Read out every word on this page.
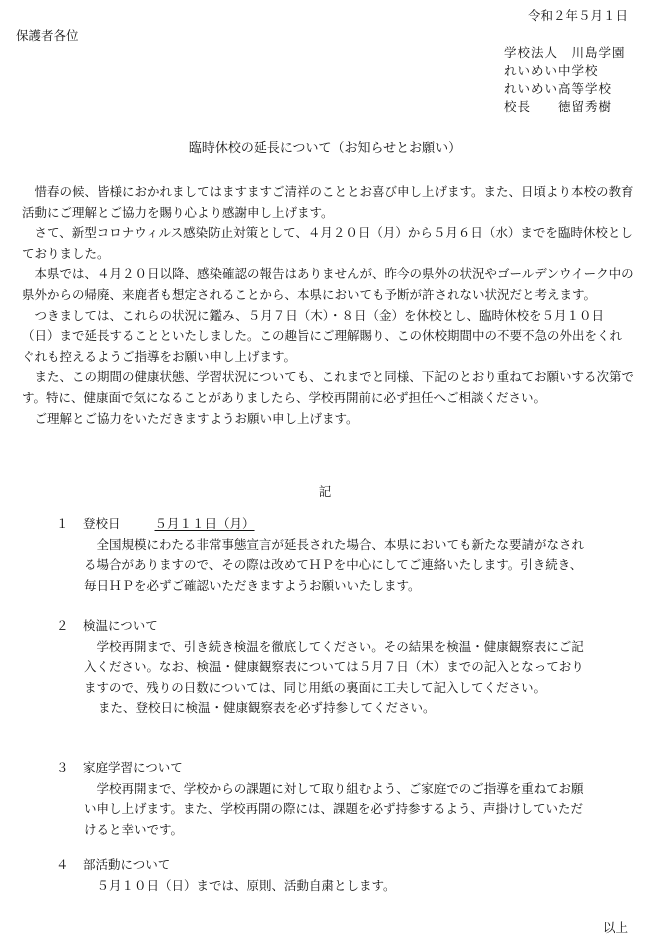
令和２年５月１日
保護者各位
学校法人　川島学園
れいめい中学校
れいめい高等学校
校長　　徳留秀樹
臨時休校の延長について（お知らせとお願い）

　惜春の候、皆様におかれましてはますますご清祥のこととお喜び申し上げます。また、日頃より本校の教育活動にご理解とご協力を賜り心より感謝申し上げます。

　さて、新型コロナウィルス感染防止対策として、４月２０日（月）から５月６日（水）までを臨時休校としておりました。

　本県では、４月２０日以降、感染確認の報告はありませんが、昨今の県外の状況やゴールデンウイーク中の県外からの帰廃、来鹿者も想定されることから、本県においても予断が許されない状況だと考えます。

　つきましては、これらの状況に鑑み、５月７日（木）・８日（金）を休校とし、臨時休校を５月１０日（日）まで延長することといたしました。この趣旨にご理解賜り、この休校期間中の不要不急の外出をくれぐれも控えるようご指導をお願い申し上げます。

　また、この期間の健康状態、学習状況についても、これまでと同様、下記のとおり重ねてお願いする次第です。特に、健康面で気になることがありましたら、学校再開前に必ず担任へご相談ください。

　ご理解とご協力をいただきますようお願い申し上げます。

記
１	登校日	５月１１日（月）

　全国規模にわたる非常事態宣言が延長された場合、本県においても新たな要請がなされる場合がありますので、その際は改めてＨＰを中心にしてご連絡いたします。引き続き、毎日ＨＰを必ずご確認いただきますようお願いいたします。

２	検温について

　学校再開まで、引き続き検温を徹底してください。その結果を検温・健康観察表にご記入ください。なお、検温・健康観察表については５月７日（木）までの記入となっておりますので、残りの日数については、同じ用紙の裏面に工夫して記入してください。

また、登校日に検温・健康観察表を必ず持参してください。

３	家庭学習について

　学校再開まで、学校からの課題に対して取り組むよう、ご家庭でのご指導を重ねてお願い申し上げます。また、学校再開の際には、課題を必ず持参するよう、声掛けしていただけると幸いです。

４	部活動について

　５月１０日（日）までは、原則、活動自粛とします。

以上
